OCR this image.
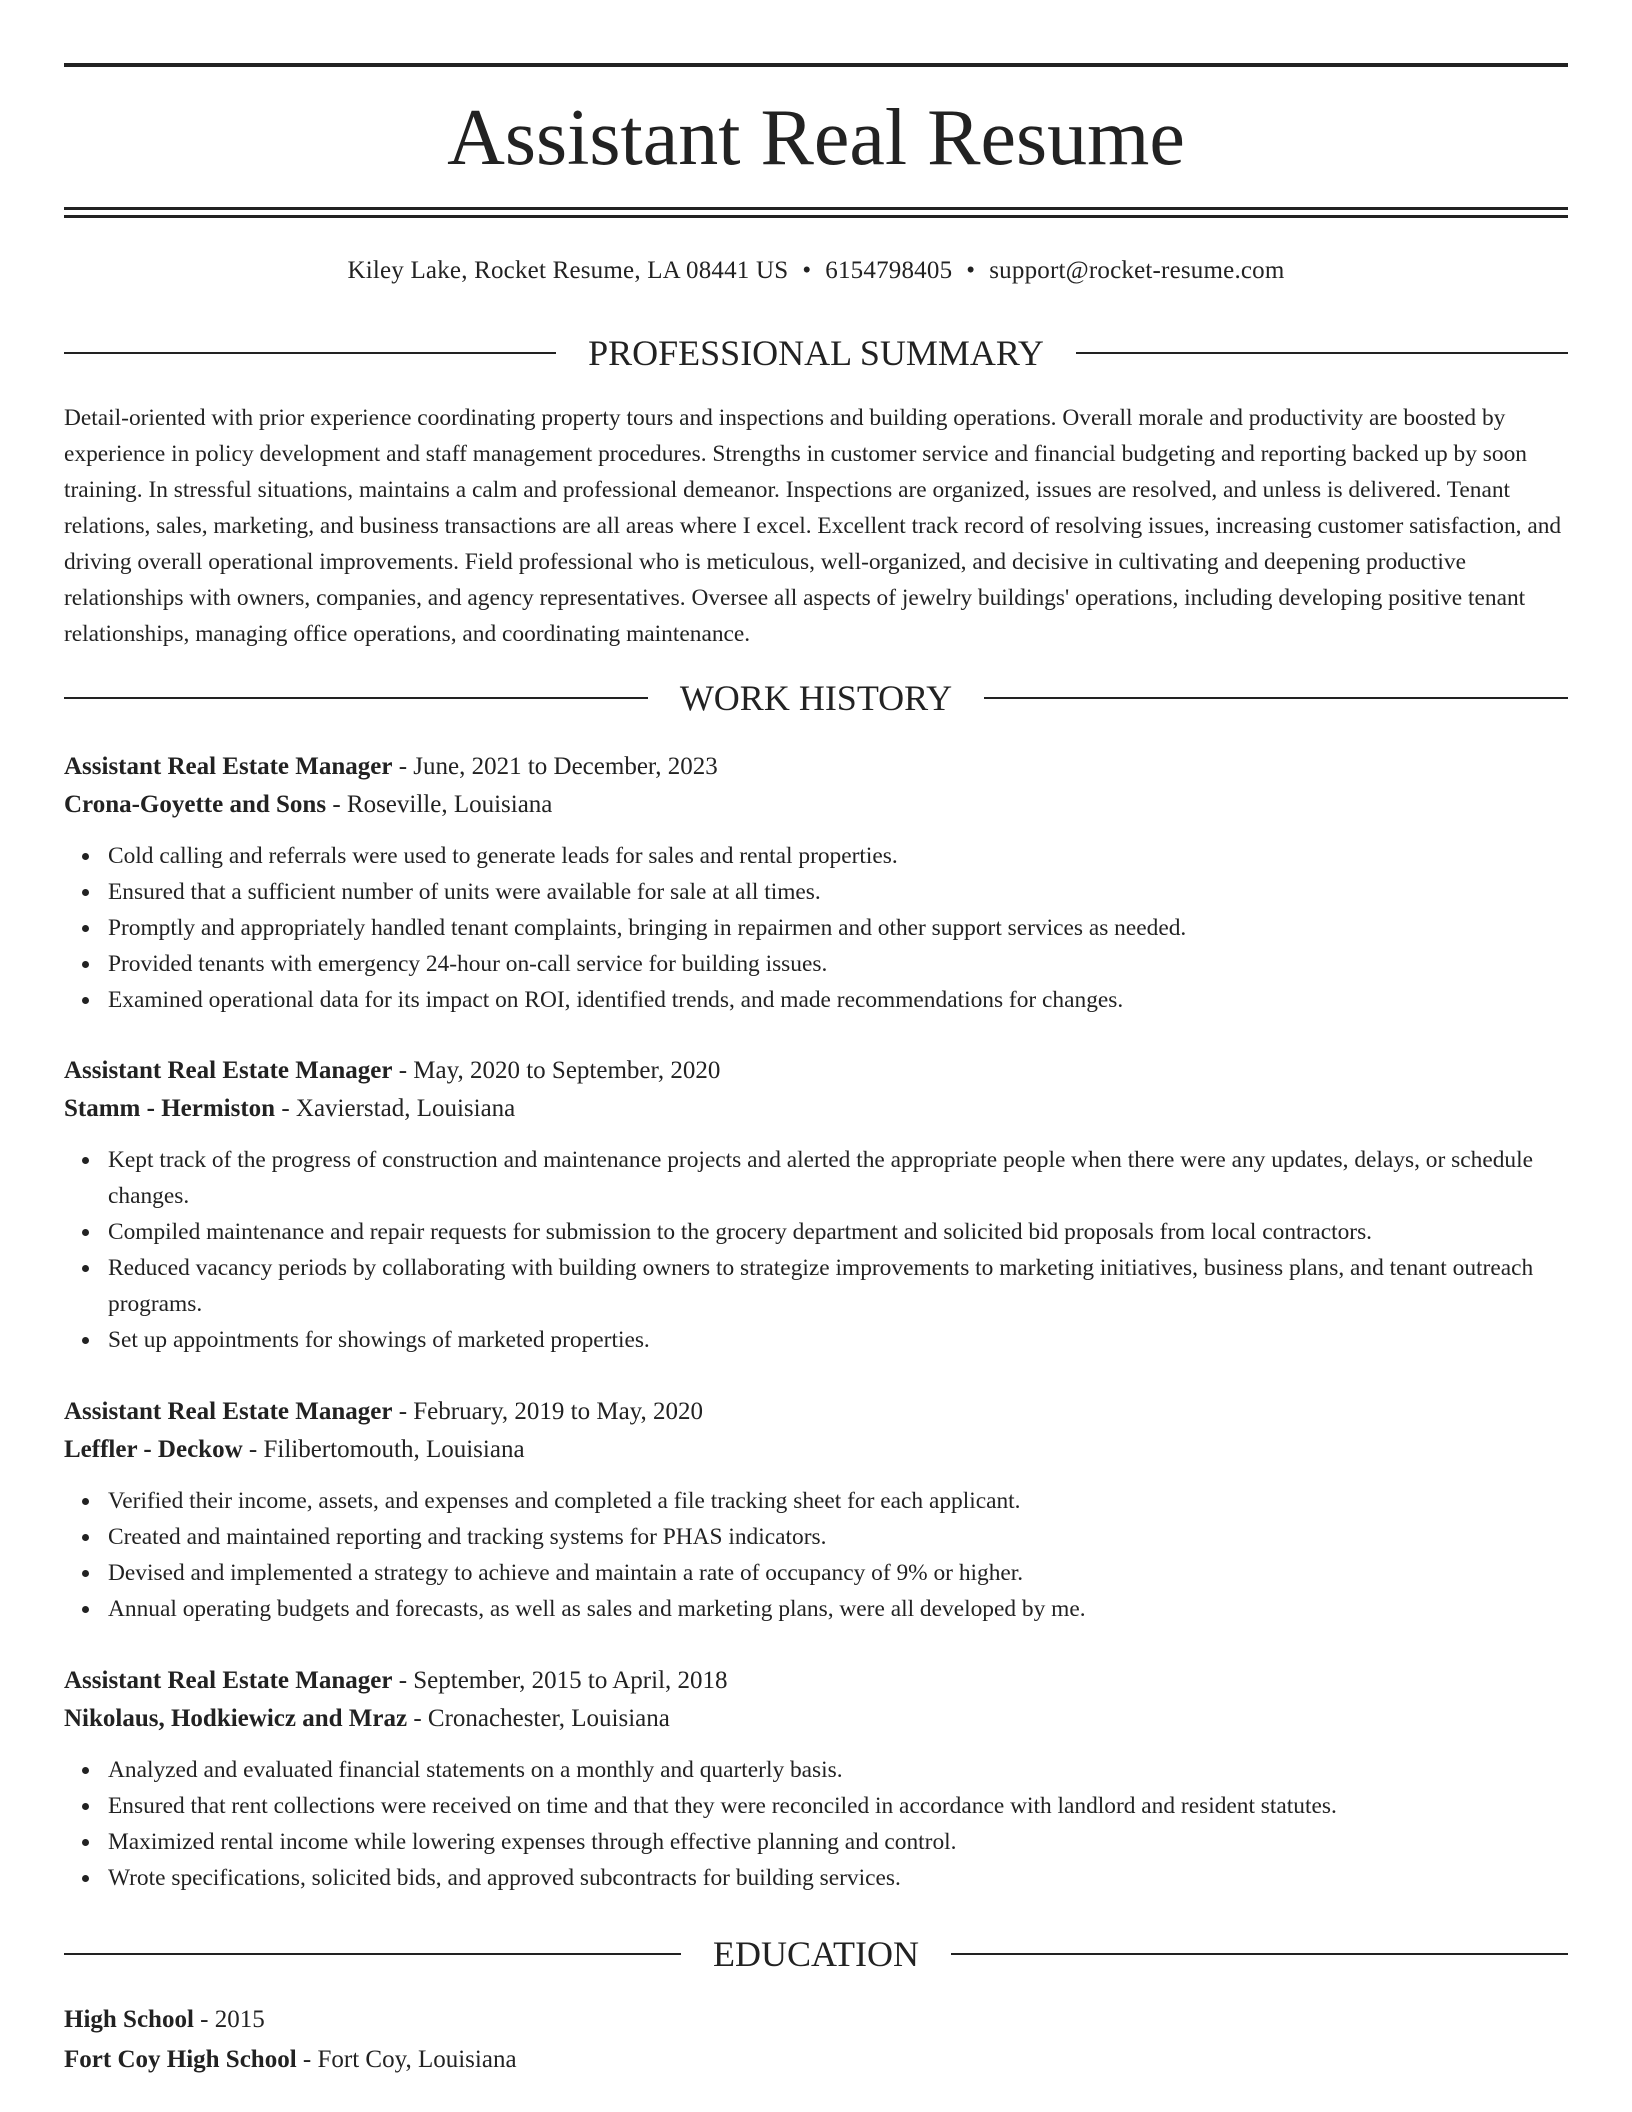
Assistant Real Resume
Kiley Lake, Rocket Resume, LA 08441 US • 6154798405 • support@rocket-resume.com
PROFESSIONAL SUMMARY

Detail-oriented with prior experience coordinating property tours and inspections and building operations. Overall morale and productivity are boosted by experience in policy development and staff management procedures. Strengths in customer service and financial budgeting and reporting backed up by soon training. In stressful situations, maintains a calm and professional demeanor. Inspections are organized, issues are resolved, and unless is delivered. Tenant relations, sales, marketing, and business transactions are all areas where I excel. Excellent track record of resolving issues, increasing customer satisfaction, and driving overall operational improvements. Field professional who is meticulous, well-organized, and decisive in cultivating and deepening productive relationships with owners, companies, and agency representatives. Oversee all aspects of jewelry buildings' operations, including developing positive tenant relationships, managing office operations, and coordinating maintenance.

WORK HISTORY
Assistant Real Estate Manager - June, 2021 to December, 2023
Crona-Goyette and Sons - Roseville, Louisiana
Cold calling and referrals were used to generate leads for sales and rental properties.
Ensured that a sufficient number of units were available for sale at all times.
Promptly and appropriately handled tenant complaints, bringing in repairmen and other support services as needed.
Provided tenants with emergency 24-hour on-call service for building issues.
Examined operational data for its impact on ROI, identified trends, and made recommendations for changes.
Assistant Real Estate Manager - May, 2020 to September, 2020
Stamm - Hermiston - Xavierstad, Louisiana
Kept track of the progress of construction and maintenance projects and alerted the appropriate people when there were any updates, delays, or schedule changes.
Compiled maintenance and repair requests for submission to the grocery department and solicited bid proposals from local contractors.
Reduced vacancy periods by collaborating with building owners to strategize improvements to marketing initiatives, business plans, and tenant outreach programs.
Set up appointments for showings of marketed properties.
Assistant Real Estate Manager - February, 2019 to May, 2020
Leffler - Deckow - Filibertomouth, Louisiana
Verified their income, assets, and expenses and completed a file tracking sheet for each applicant.
Created and maintained reporting and tracking systems for PHAS indicators.
Devised and implemented a strategy to achieve and maintain a rate of occupancy of 9% or higher.
Annual operating budgets and forecasts, as well as sales and marketing plans, were all developed by me.
Assistant Real Estate Manager - September, 2015 to April, 2018
Nikolaus, Hodkiewicz and Mraz - Cronachester, Louisiana
Analyzed and evaluated financial statements on a monthly and quarterly basis.
Ensured that rent collections were received on time and that they were reconciled in accordance with landlord and resident statutes.
Maximized rental income while lowering expenses through effective planning and control.
Wrote specifications, solicited bids, and approved subcontracts for building services.
EDUCATION
High School - 2015
Fort Coy High School - Fort Coy, Louisiana
